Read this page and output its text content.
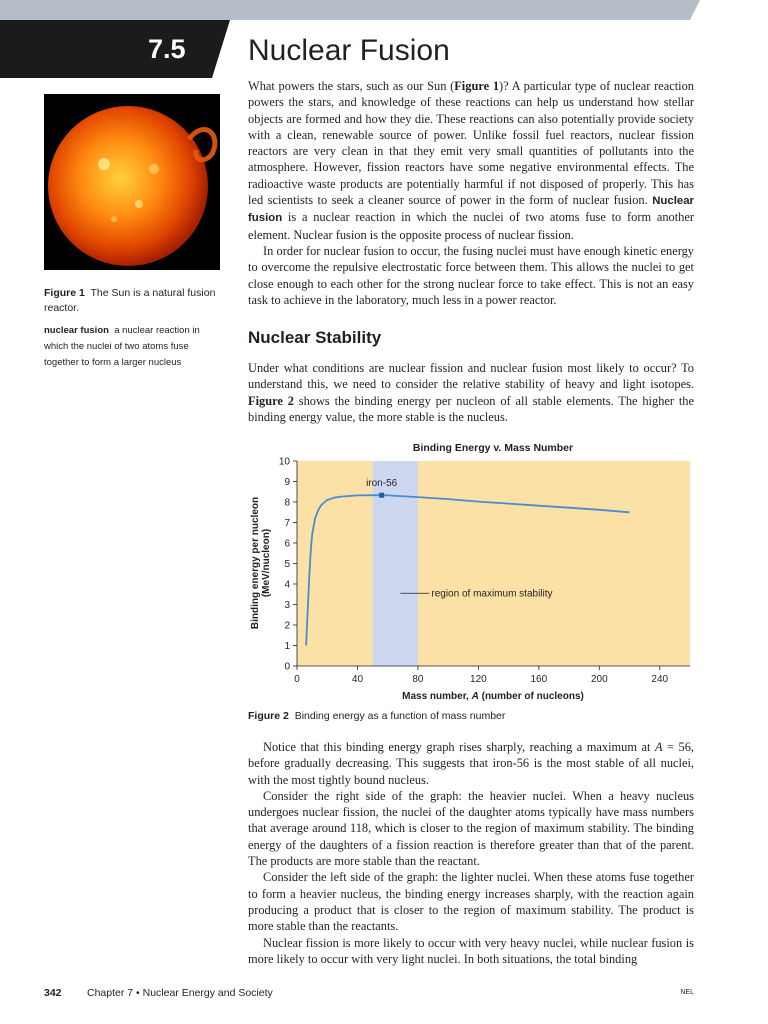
7.5	Nuclear Fusion
Figure 1 The Sun is a natural fusion reactor.
nuclear fusion a nuclear reaction in which the nuclei of two atoms fuse together to form a larger nucleus

What powers the stars, such as our Sun (Figure 1)? A particular type of nuclear reaction powers the stars, and knowledge of these reactions can help us understand how stellar objects are formed and how they die. These reactions can also potentially provide society with a clean, renewable source of power. Unlike fossil fuel reactors, nuclear fission reactors are very clean in that they emit very small quantities of pollutants into the atmosphere. However, fission reactors have some negative environmental effects. The radioactive waste products are potentially harmful if not disposed of properly. This has led scientists to seek a cleaner source of power in the form of nuclear fusion. Nuclear fusion is a nuclear reaction in which the nuclei of two atoms fuse to form another element. Nuclear fusion is the opposite process of nuclear fission.

In order for nuclear fusion to occur, the fusing nuclei must have enough kinetic energy to overcome the repulsive electrostatic force between them. This allows the nuclei to get close enough to each other for the strong nuclear force to take effect. This is not an easy task to achieve in the laboratory, much less in a power reactor.

Nuclear Stability

Under what conditions are nuclear fission and nuclear fusion most likely to occur? To understand this, we need to consider the relative stability of heavy and light isotopes. Figure 2 shows the binding energy per nucleon of all stable elements. The higher the binding energy value, the more stable is the nucleus.

Binding Energy v. Mass Number
0
1
2
3
4
5
6
7
8
9
10
0	40	80	120	160	200	240
iron-56
region of maximum stability
Mass number, A (number of nucleons)
Binding energy per nucleon (MeV/nucleon)
Figure 2 Binding energy as a function of mass number

Notice that this binding energy graph rises sharply, reaching a maximum at A = 56, before gradually decreasing. This suggests that iron-56 is the most stable of all nuclei, with the most tightly bound nucleus.

Consider the right side of the graph: the heavier nuclei. When a heavy nucleus undergoes nuclear fission, the nuclei of the daughter atoms typically have mass numbers that average around 118, which is closer to the region of maximum stability. The binding energy of the daughters of a fission reaction is therefore greater than that of the parent. The products are more stable than the reactant.

Consider the left side of the graph: the lighter nuclei. When these atoms fuse together to form a heavier nucleus, the binding energy increases sharply, with the reaction again producing a product that is closer to the region of maximum stability. The product is more stable than the reactants.

Nuclear fission is more likely to occur with very heavy nuclei, while nuclear fusion is more likely to occur with very light nuclei. In both situations, the total binding

342 Chapter 7 • Nuclear Energy and Society	NEL
